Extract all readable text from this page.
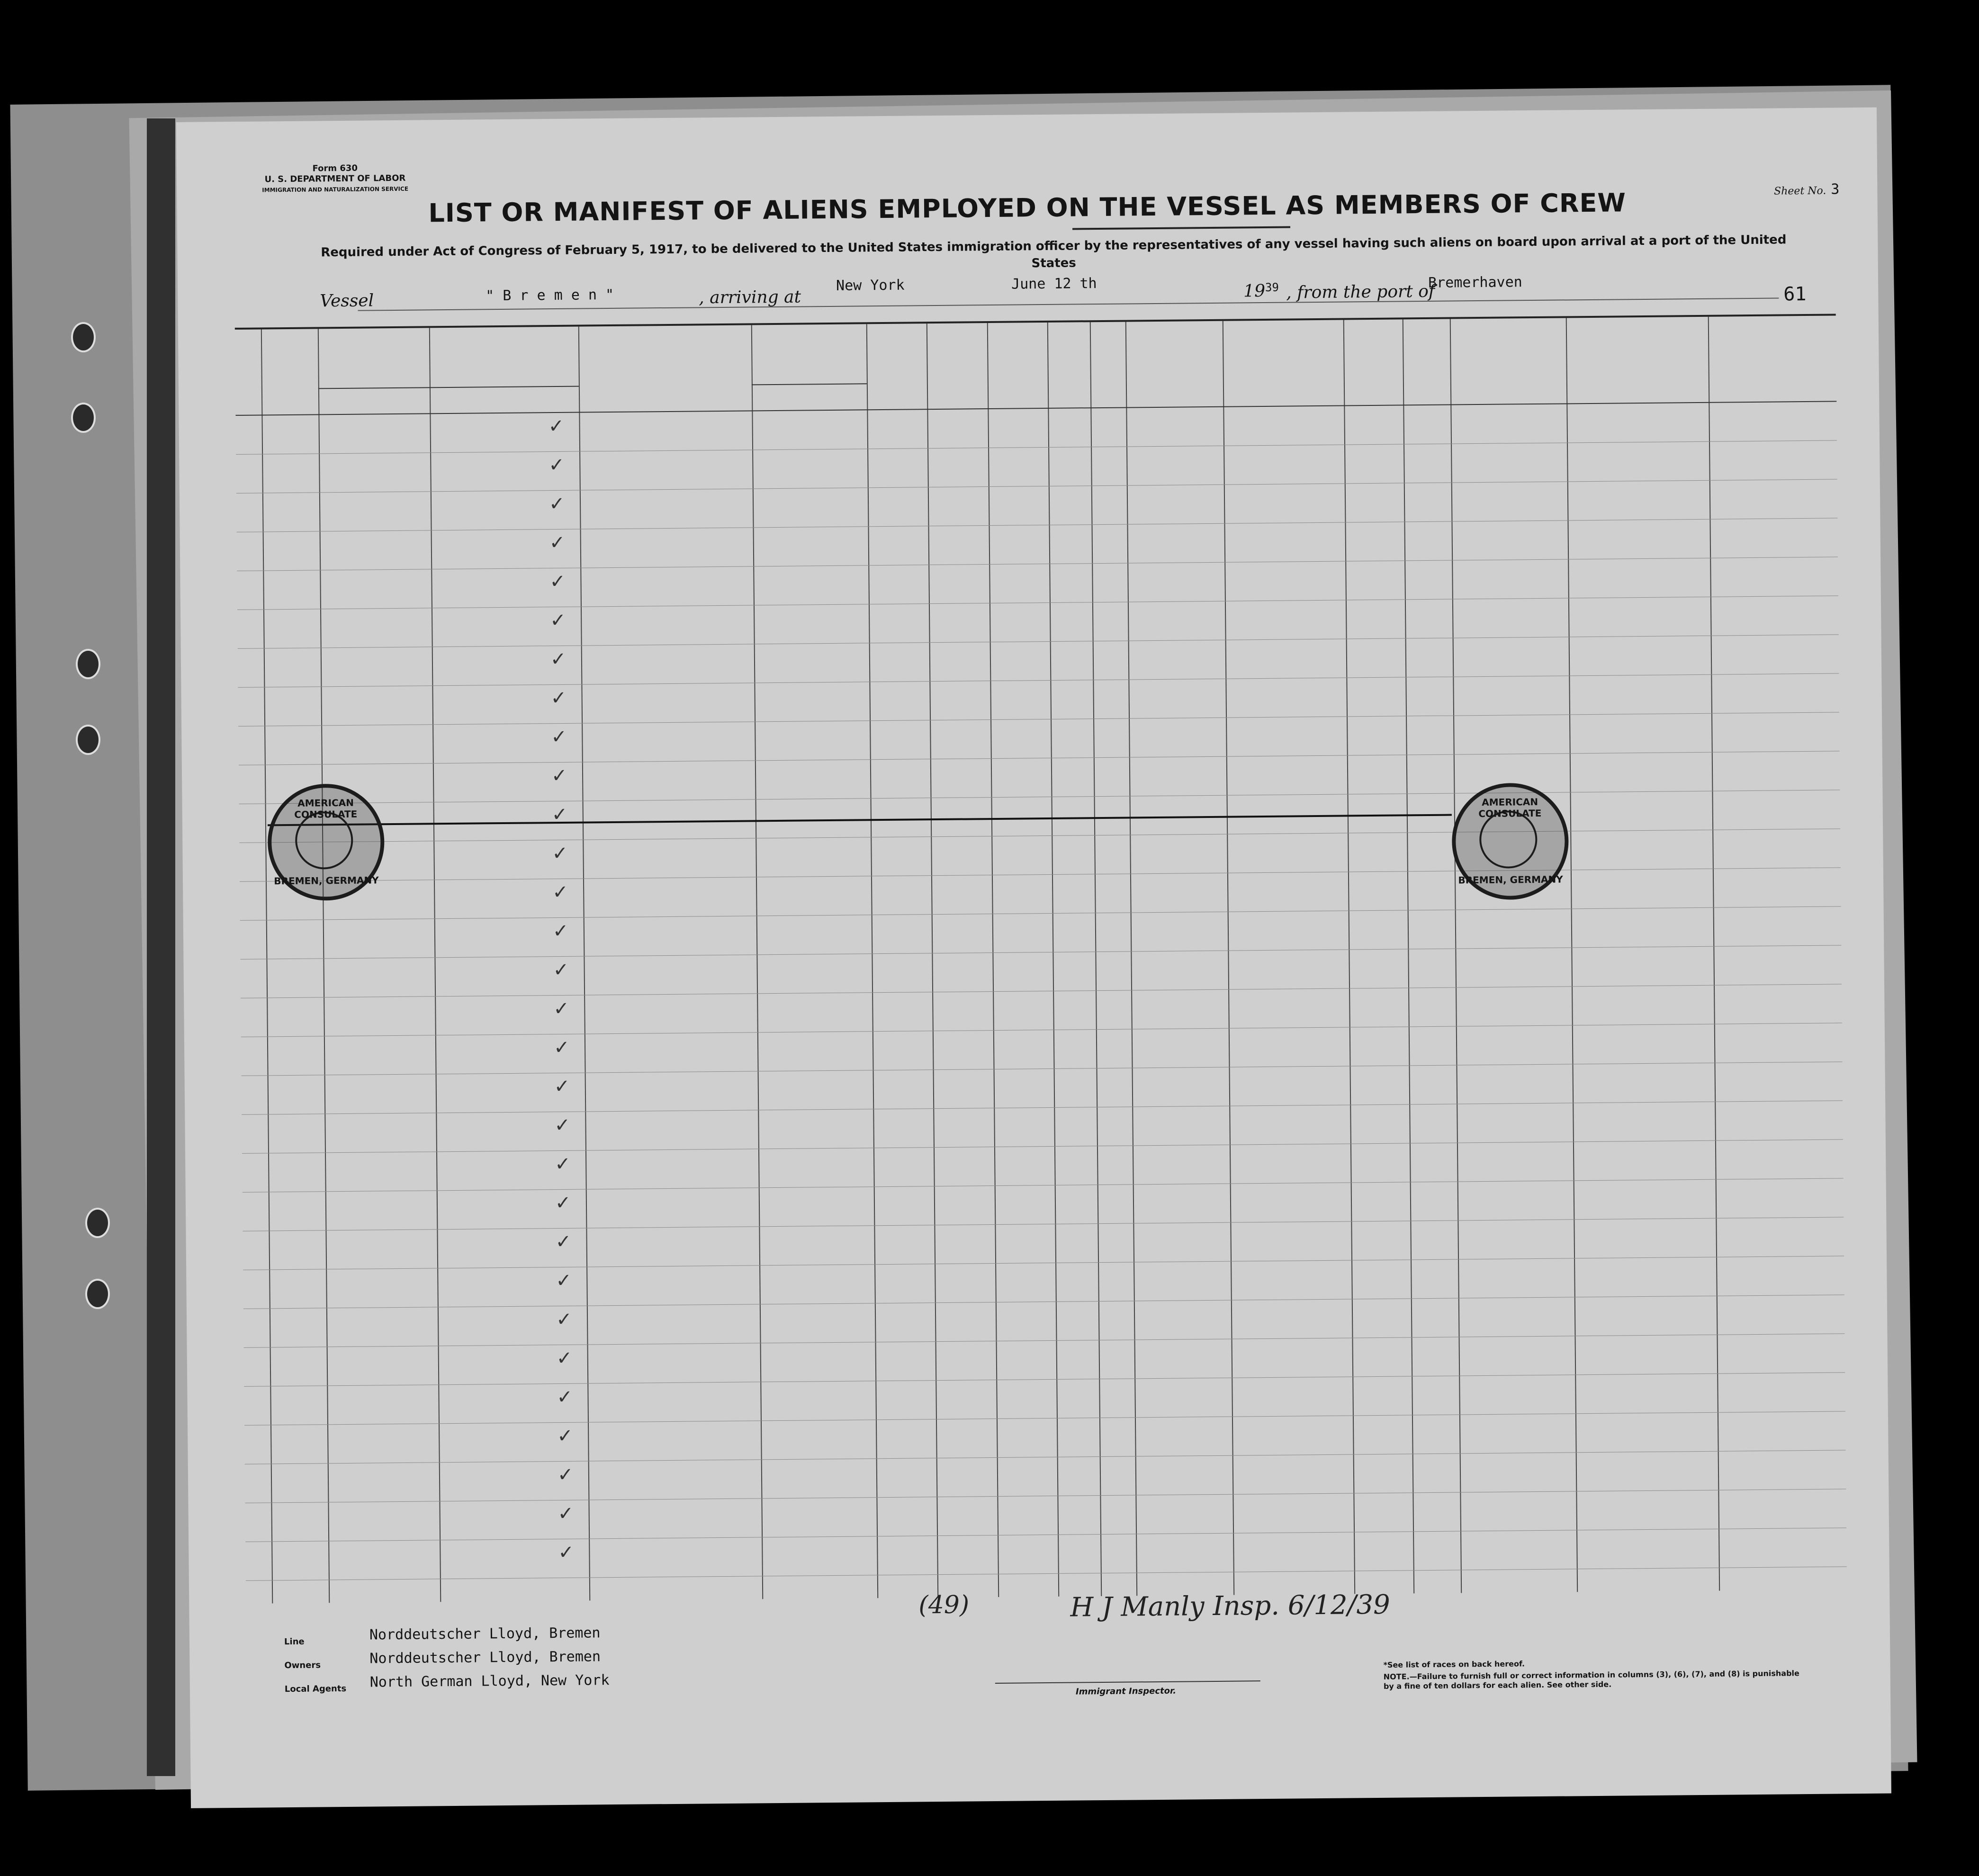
Form 630
U. S. DEPARTMENT OF LABOR
IMMIGRATION AND NATURALIZATION SERVICE	Sheet No. 3
LIST OR MANIFEST OF ALIENS EMPLOYED ON THE VESSEL AS MEMBERS OF CREW
Required under Act of Congress of February 5, 1917, to be delivered to the United States immigration officer by the representatives of any vessel having such aliens on board upon arrival at a port of the United States
Vessel	" B r e m e n "	, arriving at
New York	June 12 th	$19^{39}$ , from the port of
Bremerhaven
61
✓
✓
✓
✓
✓
✓
✓
✓
✓
✓
✓
✓
✓
✓
✓
✓
✓
✓
✓
✓
✓
✓
✓
✓
✓
✓
✓
✓
✓
✓
Line	Norddeutscher Lloyd, Bremen
Owners	Norddeutscher Lloyd, Bremen
Local Agents North German Lloyd, New York
Immigrant Inspector.
*See list of races on back hereof.
NOTE.—Failure to furnish full or correct information in columns (3), (6), (7), and (8) is punishable by a fine of ten dollars for each alien. See other side.
(49)	H J Manly Insp. 6/12/39
AMERICAN CONSULATE
BREMEN, GERMANY
AMERICAN CONSULATE
BREMEN, GERMANY
